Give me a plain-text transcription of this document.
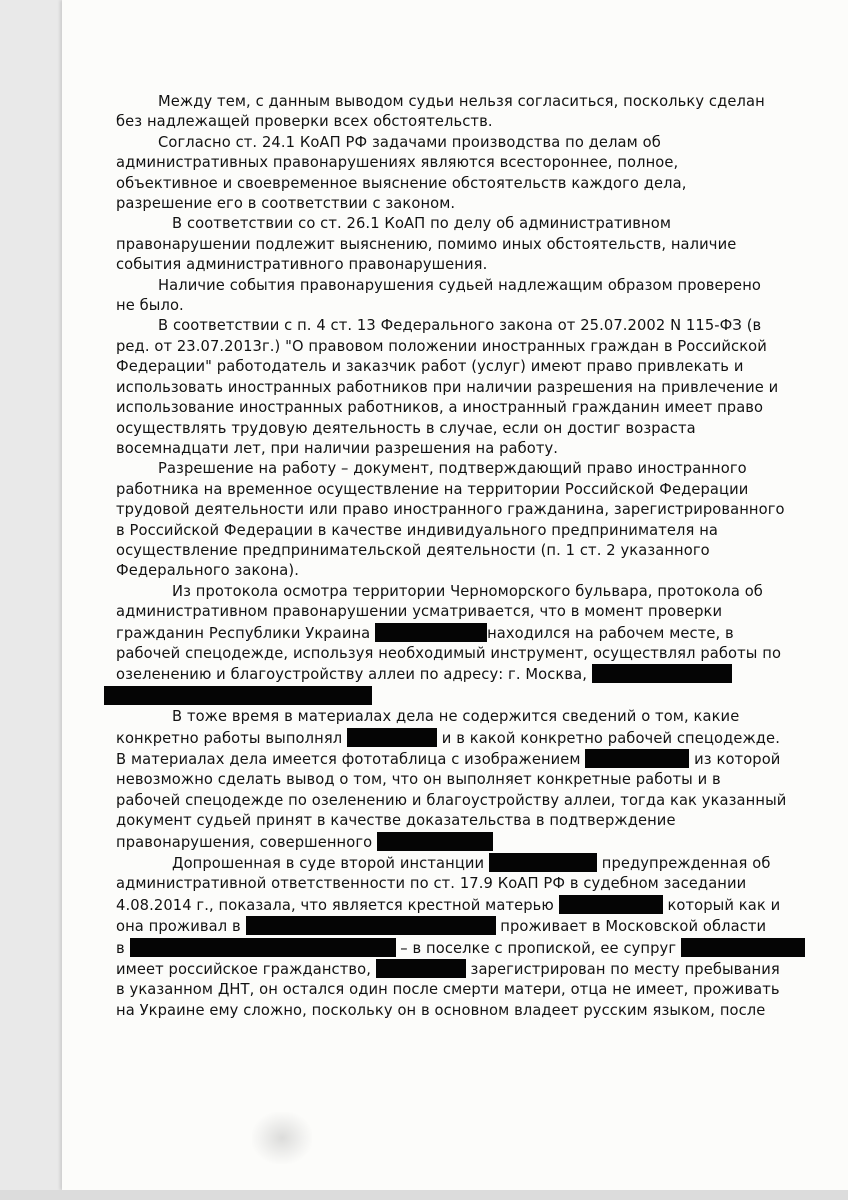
Между тем, с данным выводом судьи нельзя согласиться, поскольку сделан
без надлежащей проверки всех обстоятельств.
Согласно ст. 24.1 КоАП РФ задачами производства по делам об
административных правонарушениях являются всестороннее, полное,
объективное и своевременное выяснение обстоятельств каждого дела,
разрешение его в соответствии с законом.
В соответствии со ст. 26.1 КоАП по делу об административном
правонарушении подлежит выяснению, помимо иных обстоятельств, наличие
события административного правонарушения.
Наличие события правонарушения судьей надлежащим образом проверено
не было.
В соответствии с п. 4 ст. 13 Федерального закона от 25.07.2002 N 115-ФЗ (в
ред. от 23.07.2013г.) "О правовом положении иностранных граждан в Российской
Федерации" работодатель и заказчик работ (услуг) имеют право привлекать и
использовать иностранных работников при наличии разрешения на привлечение и
использование иностранных работников, а иностранный гражданин имеет право
осуществлять трудовую деятельность в случае, если он достиг возраста
восемнадцати лет, при наличии разрешения на работу.
Разрешение на работу – документ, подтверждающий право иностранного
работника на временное осуществление на территории Российской Федерации
трудовой деятельности или право иностранного гражданина, зарегистрированного
в Российской Федерации в качестве индивидуального предпринимателя на
осуществление предпринимательской деятельности (п. 1 ст. 2 указанного
Федерального закона).
Из протокола осмотра территории Черноморского бульвара, протокола об
административном правонарушении усматривается, что в момент проверки
гражданин Республики Украина	находился на рабочем месте, в
рабочей спецодежде, используя необходимый инструмент, осуществлял работы по
озеленению и благоустройству аллеи по адресу: г. Москва,
В тоже время в материалах дела не содержится сведений о том, какие
конкретно работы выполнял	и в какой конкретно рабочей спецодежде.
В материалах дела имеется фототаблица с изображением	из которой
невозможно сделать вывод о том, что он выполняет конкретные работы и в
рабочей спецодежде по озеленению и благоустройству аллеи, тогда как указанный
документ судьей принят в качестве доказательства в подтверждение
правонарушения, совершенного
Допрошенная в суде второй инстанции	предупрежденная об
административной ответственности по ст. 17.9 КоАП РФ в судебном заседании
4.08.2014 г., показала, что является крестной матерью	который как и
она проживал в	проживает в Московской области
в	– в поселке с пропиской, ее супруг
имеет российское гражданство,	зарегистрирован по месту пребывания
в указанном ДНТ, он остался один после смерти матери, отца не имеет, проживать
на Украине ему сложно, поскольку он в основном владеет русским языком, после
